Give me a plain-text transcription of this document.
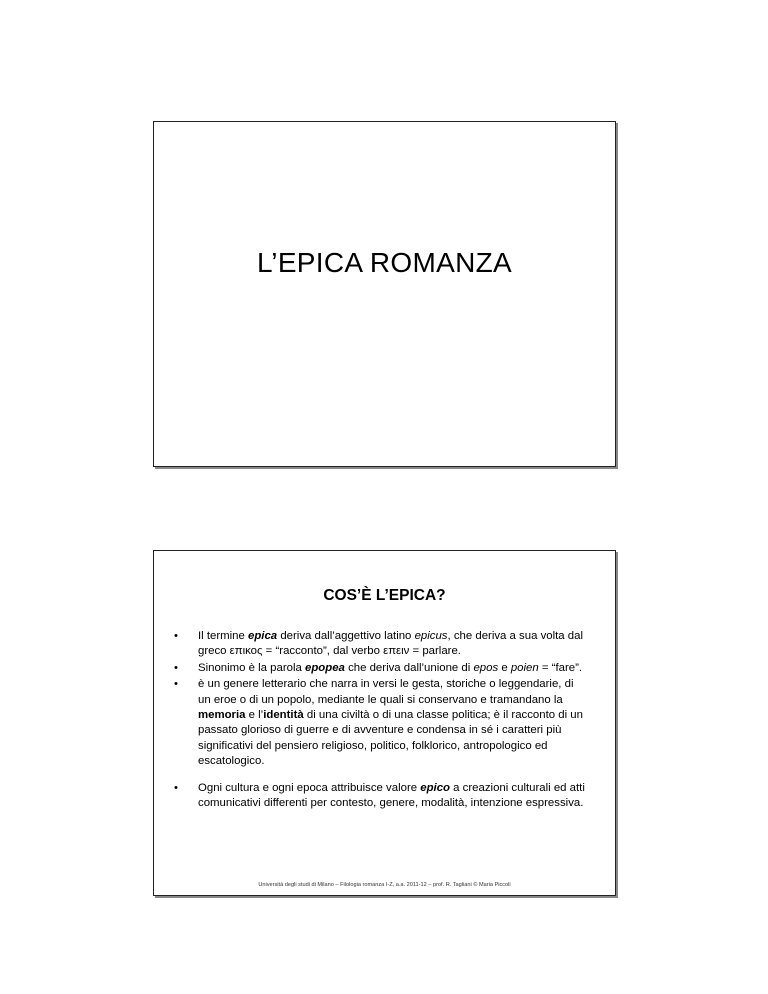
L’EPICA ROMANZA
COS’È L’EPICA?
• Il termine epica deriva dall’aggettivo latino epicus, che deriva a sua volta dal greco επικος = “racconto”, dal verbo επειν = parlare.
• Sinonimo è la parola epopea che deriva dall’unione di epos e poien = “fare”.
• è un genere letterario che narra in versi le gesta, storiche o leggendarie, di un eroe o di un popolo, mediante le quali si conservano e tramandano la memoria e l’identità di una civiltà o di una classe politica; è il racconto di un passato glorioso di guerre e di avventure e condensa in sé i caratteri più significativi del pensiero religioso, politico, folklorico, antropologico ed escatologico.
• Ogni cultura e ogni epoca attribuisce valore epico a creazioni culturali ed atti comunicativi differenti per contesto, genere, modalità, intenzione espressiva.
Università degli studi di Milano – Filologia romanza I-Z, a.a. 2011-12 – prof. R. Tagliani © Maria Piccoli
